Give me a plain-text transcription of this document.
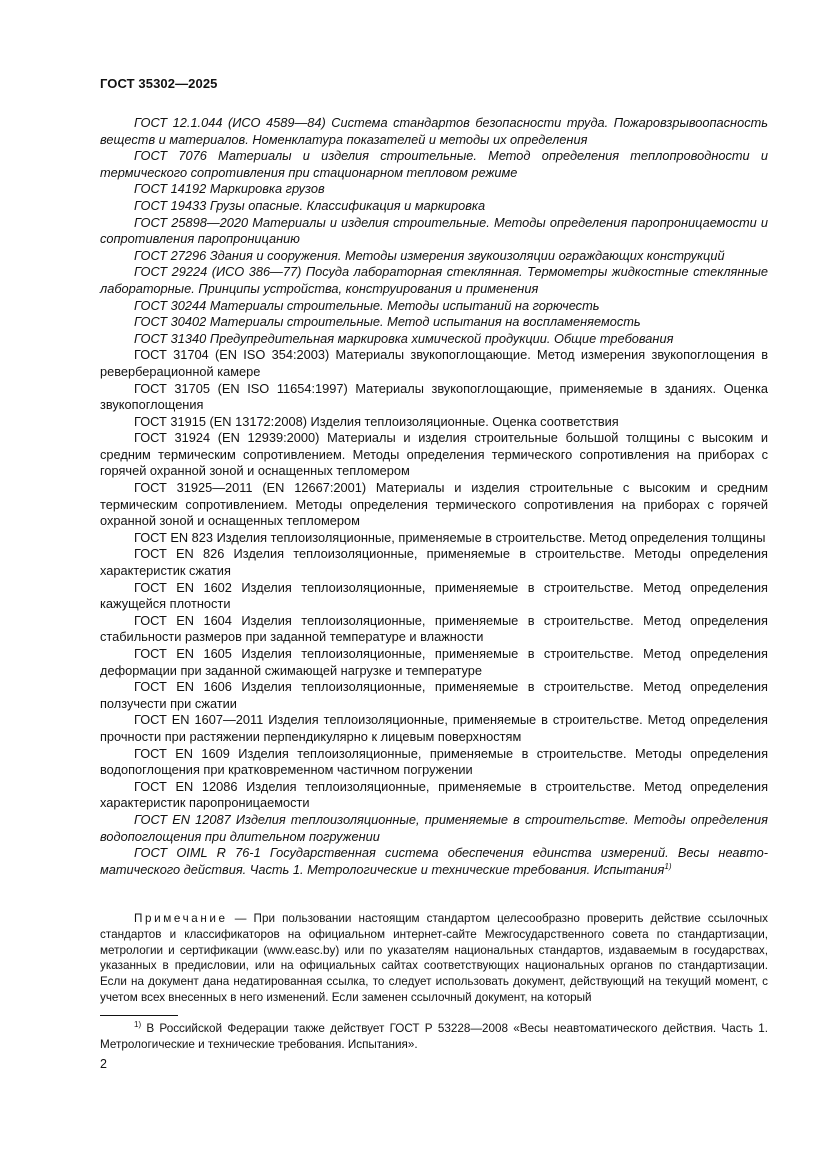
ГОСТ 35302—2025

ГОСТ 12.1.044 (ИСО 4589—84) Система стандартов безопасности труда. Пожаровзрывоопасность веществ и материалов. Номенклатура показателей и методы их определения

ГОСТ 7076 Материалы и изделия строительные. Метод определения теплопроводности и термического сопротивления при стационарном тепловом режиме

ГОСТ 14192 Маркировка грузов

ГОСТ 19433 Грузы опасные. Классификация и маркировка

ГОСТ 25898—2020 Материалы и изделия строительные. Методы определения паропроницаемости и сопротивления паропроницанию

ГОСТ 27296 Здания и сооружения. Методы измерения звукоизоляции ограждающих конструкций

ГОСТ 29224 (ИСО 386—77) Посуда лабораторная стеклянная. Термометры жидкостные стеклянные лабораторные. Принципы устройства, конструирования и применения

ГОСТ 30244 Материалы строительные. Методы испытаний на горючесть

ГОСТ 30402 Материалы строительные. Метод испытания на воспламеняемость

ГОСТ 31340 Предупредительная маркировка химической продукции. Общие требования

ГОСТ 31704 (EN ISO 354:2003) Материалы звукопоглощающие. Метод измерения звукопоглощения в реверберационной камере

ГОСТ 31705 (EN ISO 11654:1997) Материалы звукопоглощающие, применяемые в зданиях. Оценка звукопоглощения

ГОСТ 31915 (EN 13172:2008) Изделия теплоизоляционные. Оценка соответствия

ГОСТ 31924 (EN 12939:2000) Материалы и изделия строительные большой толщины с высоким и средним термическим сопротивлением. Методы определения термического сопротивления на приборах с горячей охранной зоной и оснащенных тепломером

ГОСТ 31925—2011 (EN 12667:2001) Материалы и изделия строительные с высоким и средним термическим сопротивлением. Методы определения термического сопротивления на приборах с горячей охранной зоной и оснащенных тепломером

ГОСТ EN 823 Изделия теплоизоляционные, применяемые в строительстве. Метод определения толщины

ГОСТ EN 826 Изделия теплоизоляционные, применяемые в строительстве. Методы определения характеристик сжатия

ГОСТ EN 1602 Изделия теплоизоляционные, применяемые в строительстве. Метод определения кажущейся плотности

ГОСТ EN 1604 Изделия теплоизоляционные, применяемые в строительстве. Метод определения стабильности размеров при заданной температуре и влажности

ГОСТ EN 1605 Изделия теплоизоляционные, применяемые в строительстве. Метод определения деформации при заданной сжимающей нагрузке и температуре

ГОСТ EN 1606 Изделия теплоизоляционные, применяемые в строительстве. Метод определения ползучести при сжатии

ГОСТ EN 1607—2011 Изделия теплоизоляционные, применяемые в строительстве. Метод определения прочности при растяжении перпендикулярно к лицевым поверхностям

ГОСТ EN 1609 Изделия теплоизоляционные, применяемые в строительстве. Методы определения водопоглощения при кратковременном частичном погружении

ГОСТ EN 12086 Изделия теплоизоляционные, применяемые в строительстве. Метод определения характеристик паропроницаемости

ГОСТ EN 12087 Изделия теплоизоляционные, применяемые в строительстве. Методы определения водопоглощения при длительном погружении

ГОСТ OIML R 76-1 Государственная система обеспечения единства измерений. Весы неавтоматического действия. Часть 1. Метрологические и технические требования. Испытания$^{1)}$

Примечание — При пользовании настоящим стандартом целесообразно проверить действие ссылочных стандартов и классификаторов на официальном интернет-сайте Межгосударственного совета по стандартизации, метрологии и сертификации (www.easc.by) или по указателям национальных стандартов, издаваемым в государствах, указанных в предисловии, или на официальных сайтах соответствующих национальных органов по стандартизации. Если на документ дана недатированная ссылка, то следует использовать документ, действующий на текущий момент, с учетом всех внесенных в него изменений. Если заменен ссылочный документ, на который

$^{1)}$ В Российской Федерации также действует ГОСТ Р 53228—2008 «Весы неавтоматического действия. Часть 1. Метрологические и технические требования. Испытания».

2
